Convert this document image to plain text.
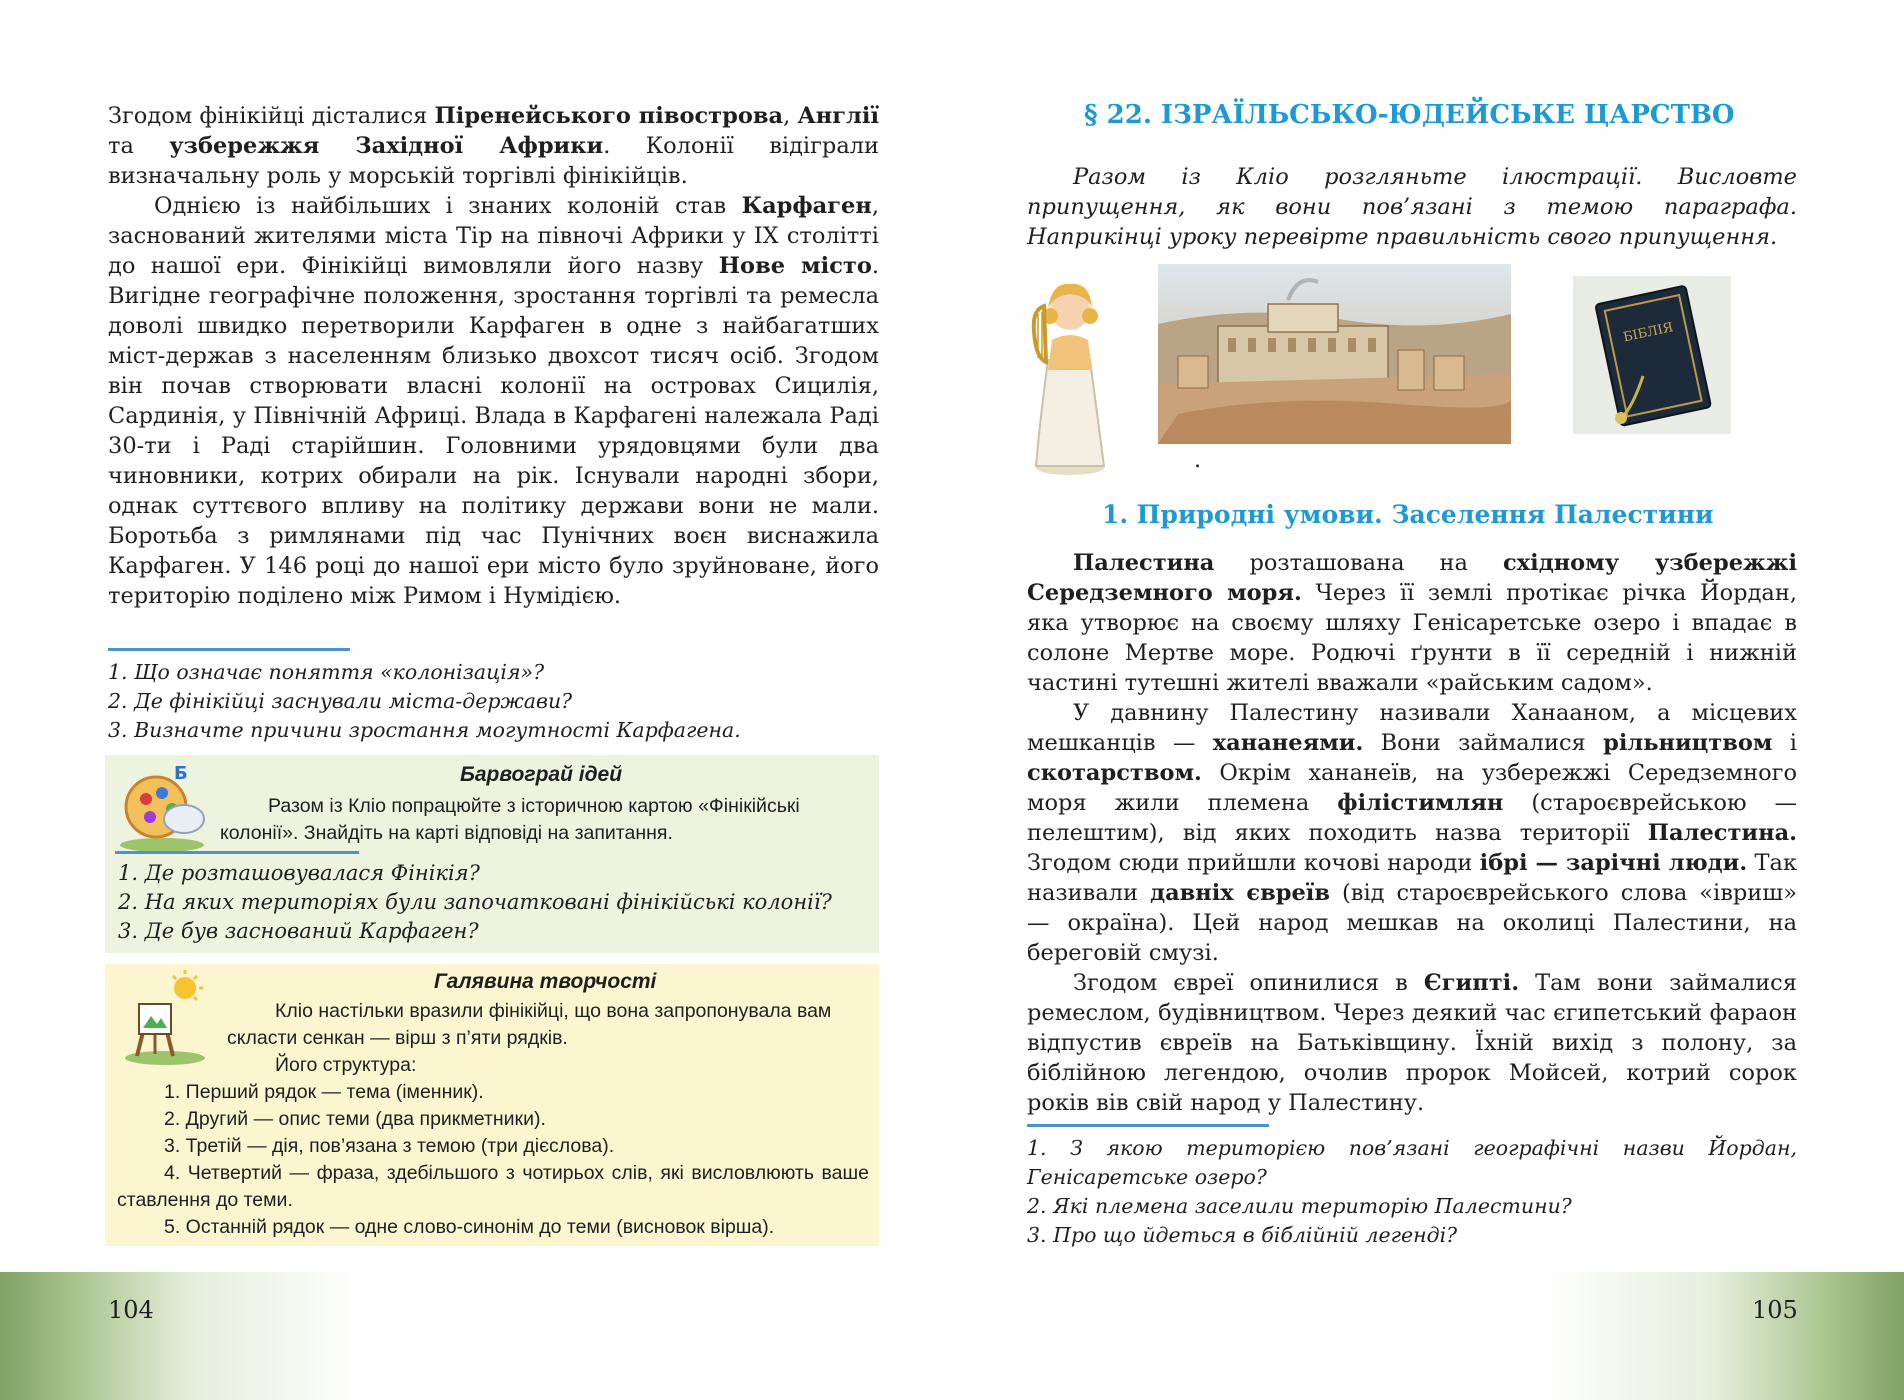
Згодом фінікійці дісталися Піренейського півострова, Англії та узбережжя Західної Африки. Колонії відіграли визначальну роль у морській торгівлі фінікійців.

Однією із найбільших і знаних колоній став Карфаген, заснований жителями міста Тір на півночі Африки у IX столітті до нашої ери. Фінікійці вимовляли його назву Нове місто. Вигідне географічне положення, зростання торгівлі та ремесла доволі швидко перетворили Карфаген в одне з найбагатших міст-держав з населенням близько двохсот тисяч осіб. Згодом він почав створювати власні колонії на островах Сицилія, Сардинія, у Північній Африці. Влада в Карфагені належала Раді 30-ти і Раді старійшин. Головними урядовцями були два чиновники, котрих обирали на рік. Існували народні збори, однак суттєвого впливу на політику держави вони не мали. Боротьба з римлянами під час Пунічних воєн виснажила Карфаген. У 146 році до нашої ери місто було зруйноване, його територію поділено між Римом і Нумідією.

1. Що означає поняття «колонізація»?
2. Де фінікійці заснували міста-держави?
3. Визначте причини зростання могутності Карфагена.
Б	Барвограй ідей
Разом із Кліо попрацюйте з історичною картою «Фінікійські колонії». Знайдіть на карті відповіді на запитання.
1. Де розташовувалася Фінікія?
2. На яких територіях були започатковані фінікійські колонії?
3. Де був заснований Карфаген?
Галявина творчості
Кліо настільки вразили фінікійці, що вона запропонувала вам скласти сенкан — вірш з п’яти рядків.
Його структура:
1. Перший рядок — тема (іменник).
2. Другий — опис теми (два прикметники).
3. Третій — дія, пов’язана з темою (три дієслова).
4. Четвертий — фраза, здебільшого з чотирьох слів, які висловлюють ваше ставлення до теми.
5. Останній рядок — одне слово-синонім до теми (висновок вірша).
104
§ 22. ІЗРАЇЛЬСЬКО-ЮДЕЙСЬКЕ ЦАРСТВО
Разом із Кліо розгляньте ілюстрації. Висловте припущення, як вони пов’язані з темою параграфа. Наприкінці уроку перевірте правильність свого припущення.
.
БІБЛІЯ
1. Природні умови. Заселення Палестини

Палестина розташована на східному узбережжі Середземного моря. Через її землі протікає річка Йордан, яка утворює на своєму шляху Генісаретське озеро і впадає в солоне Мертве море. Родючі ґрунти в її середній і нижній частині тутешні жителі вважали «райським садом».

У давнину Палестину називали Ханааном, а місцевих мешканців — хананеями. Вони займалися рільництвом і скотарством. Окрім хананеїв, на узбережжі Середземного моря жили племена філістимлян (староєврейською — пелештим), від яких походить назва території Палестина. Згодом сюди прийшли кочові народи ібрі — зарічні люди. Так називали давніх євреїв (від староєврейського слова «івриш» — окраїна). Цей народ мешкав на околиці Палестини, на береговій смузі.

Згодом євреї опинилися в Єгипті. Там вони займалися ремеслом, будівництвом. Через деякий час єгипетський фараон відпустив євреїв на Батьківщину. Їхній вихід з полону, за біблійною легендою, очолив пророк Мойсей, котрий сорок років вів свій народ у Палестину.

1. З якою територією пов’язані географічні назви Йордан, Генісаретське озеро?
2. Які племена заселили територію Палестини?
3. Про що йдеться в біблійній легенді?
105
